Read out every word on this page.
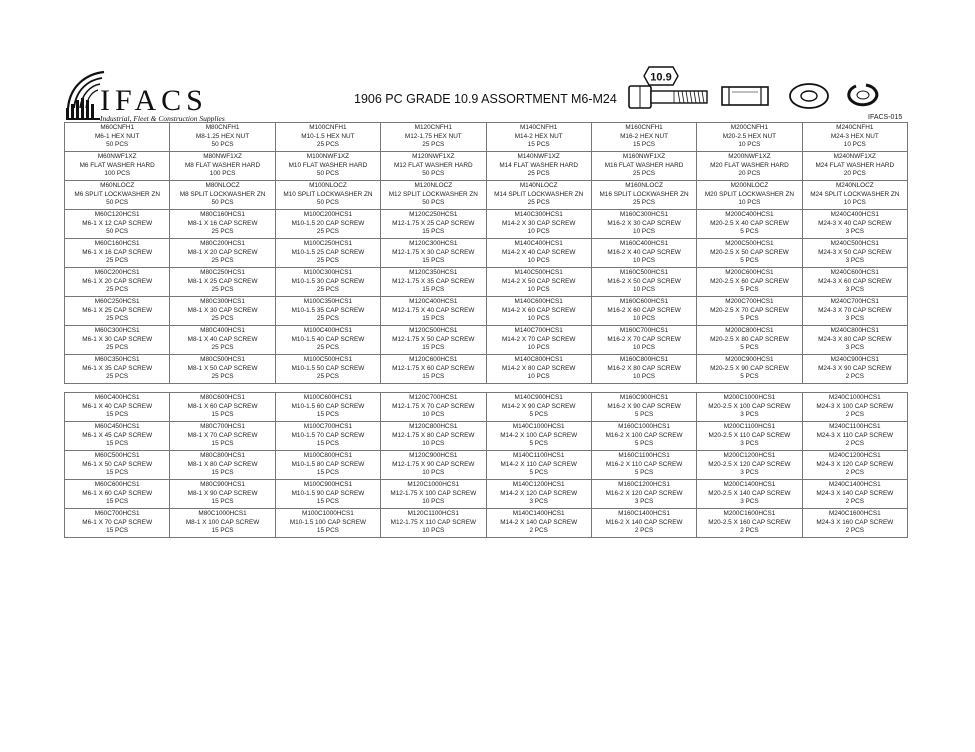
IFACS
Industrial, Fleet & Construction Supplies
1906 PC GRADE 10.9 ASSORTMENT M6-M24
10.9
IFACS-015
M60CNFH1
M6-1 HEX NUT
50 PCS	M80CNFH1
M8-1.25 HEX NUT
50 PCS	M100CNFH1
M10-1.5 HEX NUT
25 PCS	M120CNFH1
M12-1.75 HEX NUT
25 PCS	M140CNFH1
M14-2 HEX NUT
15 PCS	M160CNFH1
M16-2 HEX NUT
15 PCS	M200CNFH1
M20-2.5 HEX NUT
10 PCS	M240CNFH1
M24-3 HEX NUT
10 PCS

M60NWF1XZ
M6 FLAT WASHER HARD
100 PCS	M80NWF1XZ
M8 FLAT WASHER HARD
100 PCS	M100NWF1XZ
M10 FLAT WASHER HARD
50 PCS	M120NWF1XZ
M12 FLAT WASHER HARD
50 PCS	M140NWF1XZ
M14 FLAT WASHER HARD
25 PCS	M160NWF1XZ
M16 FLAT WASHER HARD
25 PCS	M200NWF1XZ
M20 FLAT WASHER HARD
20 PCS	M240NWF1XZ
M24 FLAT WASHER HARD
20 PCS

M60NLOCZ
M6 SPLIT LOCKWASHER ZN
50 PCS	M80NLOCZ
M8 SPLIT LOCKWASHER ZN
50 PCS	M100NLOCZ
M10 SPLIT LOCKWASHER ZN
50 PCS	M120NLOCZ
M12 SPLIT LOCKWASHER ZN
50 PCS	M140NLOCZ
M14 SPLIT LOCKWASHER ZN
25 PCS	M160NLOCZ
M16 SPLIT LOCKWASHER ZN
25 PCS	M200NLOCZ
M20 SPLIT LOCKWASHER ZN
10 PCS	M240NLOCZ
M24 SPLIT LOCKWASHER ZN
10 PCS

M60C120HCS1
M6-1 X 12 CAP SCREW
50 PCS	M80C160HCS1
M8-1 X 16 CAP SCREW
25 PCS	M100C200HCS1
M10-1.5 20 CAP SCREW
25 PCS	M120C250HCS1
M12-1.75 X 25 CAP SCREW
15 PCS	M140C300HCS1
M14-2 X 30 CAP SCREW
10 PCS	M160C300HCS1
M16-2 X 30 CAP SCREW
10 PCS	M200C400HCS1
M20-2.5 X 40 CAP SCREW
5 PCS	M240C400HCS1
M24-3 X 40 CAP SCREW
3 PCS

M60C160HCS1
M6-1 X 16 CAP SCREW
25 PCS	M80C200HCS1
M8-1 X 20 CAP SCREW
25 PCS	M100C250HCS1
M10-1.5 25 CAP SCREW
25 PCS	M120C300HCS1
M12-1.75 X 30 CAP SCREW
15 PCS	M140C400HCS1
M14-2 X 40 CAP SCREW
10 PCS	M160C400HCS1
M16-2 X 40 CAP SCREW
10 PCS	M200C500HCS1
M20-2.5 X 50 CAP SCREW
5 PCS	M240C500HCS1
M24-3 X 50 CAP SCREW
3 PCS

M60C200HCS1
M6-1 X 20 CAP SCREW
25 PCS	M80C250HCS1
M8-1 X 25 CAP SCREW
25 PCS	M100C300HCS1
M10-1.5 30 CAP SCREW
25 PCS	M120C350HCS1
M12-1.75 X 35 CAP SCREW
15 PCS	M140C500HCS1
M14-2 X 50 CAP SCREW
10 PCS	M160C500HCS1
M16-2 X 50 CAP SCREW
10 PCS	M200C600HCS1
M20-2.5 X 60 CAP SCREW
5 PCS	M240C600HCS1
M24-3 X 60 CAP SCREW
3 PCS

M60C250HCS1
M6-1 X 25 CAP SCREW
25 PCS	M80C300HCS1
M8-1 X 30 CAP SCREW
25 PCS	M100C350HCS1
M10-1.5 35 CAP SCREW
25 PCS	M120C400HCS1
M12-1.75 X 40 CAP SCREW
15 PCS	M140C600HCS1
M14-2 X 60 CAP SCREW
10 PCS	M160C600HCS1
M16-2 X 60 CAP SCREW
10 PCS	M200C700HCS1
M20-2.5 X 70 CAP SCREW
5 PCS	M240C700HCS1
M24-3 X 70 CAP SCREW
3 PCS

M60C300HCS1
M6-1 X 30 CAP SCREW
25 PCS	M80C400HCS1
M8-1 X 40 CAP SCREW
25 PCS	M100C400HCS1
M10-1.5 40 CAP SCREW
25 PCS	M120C500HCS1
M12-1.75 X 50 CAP SCREW
15 PCS	M140C700HCS1
M14-2 X 70 CAP SCREW
10 PCS	M160C700HCS1
M16-2 X 70 CAP SCREW
10 PCS	M200C800HCS1
M20-2.5 X 80 CAP SCREW
5 PCS	M240C800HCS1
M24-3 X 80 CAP SCREW
3 PCS

M60C350HCS1
M6-1 X 35 CAP SCREW
25 PCS	M80C500HCS1
M8-1 X 50 CAP SCREW
25 PCS	M100C500HCS1
M10-1.5 50 CAP SCREW
25 PCS	M120C600HCS1
M12-1.75 X 60 CAP SCREW
15 PCS	M140C800HCS1
M14-2 X 80 CAP SCREW
10 PCS	M160C800HCS1
M16-2 X 80 CAP SCREW
10 PCS	M200C900HCS1
M20-2.5 X 90 CAP SCREW
5 PCS	M240C900HCS1
M24-3 X 90 CAP SCREW
2 PCS

M60C400HCS1
M6-1 X 40 CAP SCREW
15 PCS	M80C600HCS1
M8-1 X 60 CAP SCREW
15 PCS	M100C600HCS1
M10-1.5 60 CAP SCREW
15 PCS	M120C700HCS1
M12-1.75 X 70 CAP SCREW
10 PCS	M140C900HCS1
M14-2 X 90 CAP SCREW
5 PCS	M160C900HCS1
M16-2 X 90 CAP SCREW
5 PCS	M200C1000HCS1
M20-2.5 X 100 CAP SCREW
3 PCS	M240C1000HCS1
M24-3 X 100 CAP SCREW
2 PCS

M60C450HCS1
M6-1 X 45 CAP SCREW
15 PCS	M80C700HCS1
M8-1 X 70 CAP SCREW
15 PCS	M100C700HCS1
M10-1.5 70 CAP SCREW
15 PCS	M120C800HCS1
M12-1.75 X 80 CAP SCREW
10 PCS	M140C1000HCS1
M14-2 X 100 CAP SCREW
5 PCS	M160C1000HCS1
M16-2 X 100 CAP SCREW
5 PCS	M200C1100HCS1
M20-2.5 X 110 CAP SCREW
3 PCS	M240C1100HCS1
M24-3 X 110 CAP SCREW
2 PCS

M60C500HCS1
M6-1 X 50 CAP SCREW
15 PCS	M80C800HCS1
M8-1 X 80 CAP SCREW
15 PCS	M100C800HCS1
M10-1.5 80 CAP SCREW
15 PCS	M120C900HCS1
M12-1.75 X 90 CAP SCREW
10 PCS	M140C1100HCS1
M14-2 X 110 CAP SCREW
5 PCS	M160C1100HCS1
M16-2 X 110 CAP SCREW
5 PCS	M200C1200HCS1
M20-2.5 X 120 CAP SCREW
3 PCS	M240C1200HCS1
M24-3 X 120 CAP SCREW
2 PCS

M60C600HCS1
M6-1 X 60 CAP SCREW
15 PCS	M80C900HCS1
M8-1 X 90 CAP SCREW
15 PCS	M100C900HCS1
M10-1.5 90 CAP SCREW
15 PCS	M120C1000HCS1
M12-1.75 X 100 CAP SCREW
10 PCS	M140C1200HCS1
M14-2 X 120 CAP SCREW
3 PCS	M160C1200HCS1
M16-2 X 120 CAP SCREW
3 PCS	M200C1400HCS1
M20-2.5 X 140 CAP SCREW
3 PCS	M240C1400HCS1
M24-3 X 140 CAP SCREW
2 PCS

M60C700HCS1
M6-1 X 70 CAP SCREW
15 PCS	M80C1000HCS1
M8-1 X 100 CAP SCREW
15 PCS	M100C1000HCS1
M10-1.5 100 CAP SCREW
15 PCS	M120C1100HCS1
M12-1.75 X 110 CAP SCREW
10 PCS	M140C1400HCS1
M14-2 X 140 CAP SCREW
2 PCS	M160C1400HCS1
M16-2 X 140 CAP SCREW
2 PCS	M200C1600HCS1
M20-2.5 X 160 CAP SCREW
2 PCS	M240C1600HCS1
M24-3 X 160 CAP SCREW
2 PCS
